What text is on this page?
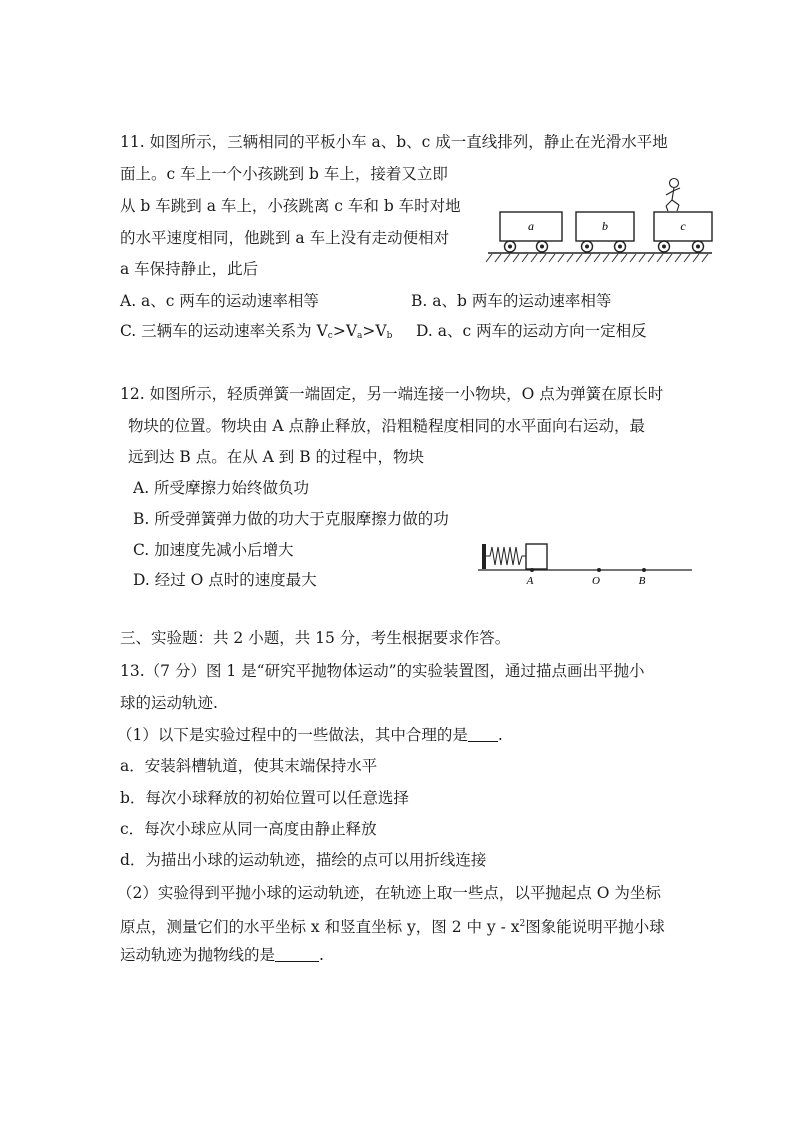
11. 如图所示，三辆相同的平板小车 a、b、c 成一直线排列，静止在光滑水平地
面上。c 车上一个小孩跳到 b 车上，接着又立即
从 b 车跳到 a 车上，小孩跳离 c 车和 b 车时对地
的水平速度相同，他跳到 a 车上没有走动便相对
a 车保持静止，此后
a	b	c
A. a、c 两车的运动速率相等	B. a、b 两车的运动速率相等
C. 三辆车的运动速率关系为 $V_c>V_a>V_b$ D. a、c 两车的运动方向一定相反
12. 如图所示，轻质弹簧一端固定，另一端连接一小物块，O 点为弹簧在原长时
物块的位置。物块由 A 点静止释放，沿粗糙程度相同的水平面向右运动，最
远到达 B 点。在从 A 到 B 的过程中，物块
A. 所受摩擦力始终做负功
B. 所受弹簧弹力做的功大于克服摩擦力做的功
C. 加速度先减小后增大
D. 经过 O 点时的速度最大	A	O	B
三、实验题：共 2 小题，共 15 分，考生根据要求作答。
13.（7 分）图 1 是“研究平抛物体运动”的实验装置图，通过描点画出平抛小
球的运动轨迹.
（1）以下是实验过程中的一些做法，其中合理的是 .
a．安装斜槽轨道，使其末端保持水平
b．每次小球释放的初始位置可以任意选择
c．每次小球应从同一高度由静止释放
d．为描出小球的运动轨迹，描绘的点可以用折线连接
（2）实验得到平抛小球的运动轨迹，在轨迹上取一些点，以平抛起点 O 为坐标
原点，测量它们的水平坐标 x 和竖直坐标 y，图 2 中 y - $x^2$图象能说明平抛小球
运动轨迹为抛物线的是	.
